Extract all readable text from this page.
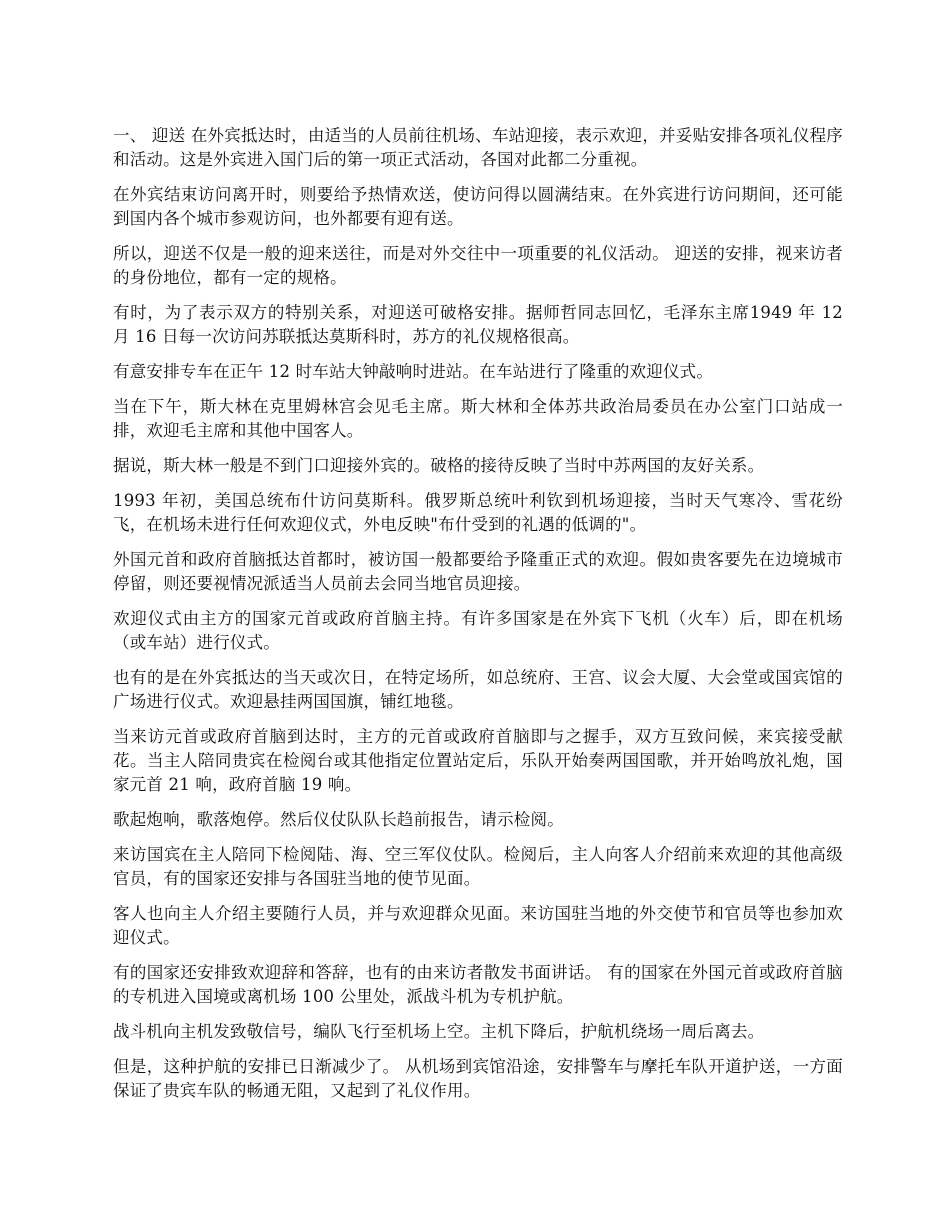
一、 迎送 在外宾抵达时，由适当的人员前往机场、车站迎接，表示欢迎，并妥贴安排各项礼仪程序和活动。这是外宾进入国门后的第一项正式活动，各国对此都二分重视。

在外宾结束访问离开时，则要给予热情欢送，使访问得以圆满结束。在外宾进行访问期间，还可能到国内各个城市参观访问，也外都要有迎有送。

所以，迎送不仅是一般的迎来送往，而是对外交往中一项重要的礼仪活动。 迎送的安排，视来访者的身份地位，都有一定的规格。

有时，为了表示双方的特别关系，对迎送可破格安排。据师哲同志回忆，毛泽东主席1949 年 12 月 16 日每一次访问苏联抵达莫斯科时，苏方的礼仪规格很高。

有意安排专车在正午 12 时车站大钟敲响时进站。在车站进行了隆重的欢迎仪式。

当在下午，斯大林在克里姆林宫会见毛主席。斯大林和全体苏共政治局委员在办公室门口站成一排，欢迎毛主席和其他中国客人。

据说，斯大林一般是不到门口迎接外宾的。破格的接待反映了当时中苏两国的友好关系。

1993 年初，美国总统布什访问莫斯科。俄罗斯总统叶利钦到机场迎接，当时天气寒冷、雪花纷飞，在机场未进行任何欢迎仪式，外电反映"布什受到的礼遇的低调的"。

外国元首和政府首脑抵达首都时，被访国一般都要给予隆重正式的欢迎。假如贵客要先在边境城市停留，则还要视情况派适当人员前去会同当地官员迎接。

欢迎仪式由主方的国家元首或政府首脑主持。有许多国家是在外宾下飞机（火车）后，即在机场（或车站）进行仪式。

也有的是在外宾抵达的当天或次日，在特定场所，如总统府、王宫、议会大厦、大会堂或国宾馆的广场进行仪式。欢迎悬挂两国国旗，铺红地毯。

当来访元首或政府首脑到达时，主方的元首或政府首脑即与之握手，双方互致问候，来宾接受献花。当主人陪同贵宾在检阅台或其他指定位置站定后，乐队开始奏两国国歌，并开始鸣放礼炮，国家元首 21 响，政府首脑 19 响。

歌起炮响，歌落炮停。然后仪仗队队长趋前报告，请示检阅。

来访国宾在主人陪同下检阅陆、海、空三军仪仗队。检阅后，主人向客人介绍前来欢迎的其他高级官员，有的国家还安排与各国驻当地的使节见面。

客人也向主人介绍主要随行人员，并与欢迎群众见面。来访国驻当地的外交使节和官员等也参加欢迎仪式。

有的国家还安排致欢迎辞和答辞，也有的由来访者散发书面讲话。 有的国家在外国元首或政府首脑的专机进入国境或离机场 100 公里处，派战斗机为专机护航。

战斗机向主机发致敬信号，编队飞行至机场上空。主机下降后，护航机绕场一周后离去。

但是，这种护航的安排已日渐减少了。 从机场到宾馆沿途，安排警车与摩托车队开道护送，一方面保证了贵宾车队的畅通无阻，又起到了礼仪作用。
